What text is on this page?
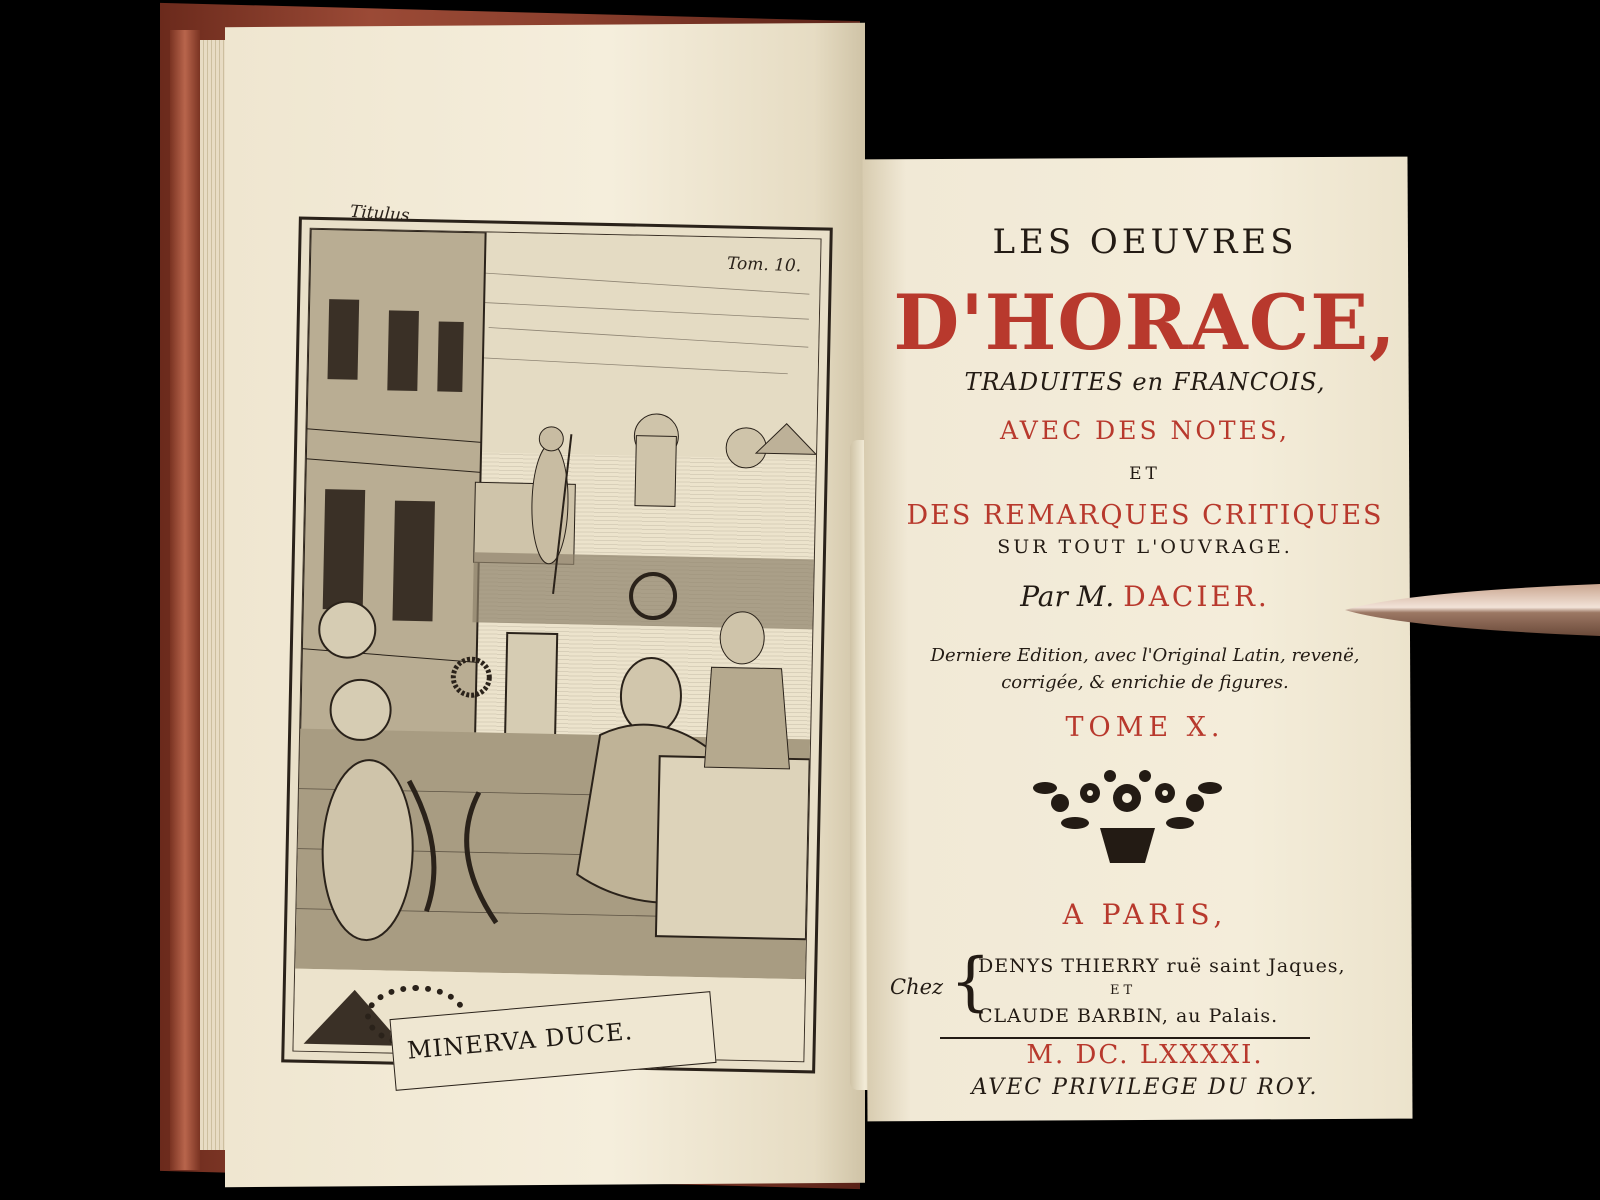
Titulus.
Tom. 10.
MINERVA DUCE.
LES OEUVRES
D'HORACE,
TRADUITES en FRANCOIS,
AVEC DES NOTES,
ET
DES REMARQUES CRITIQUES
SUR TOUT L'OUVRAGE.
Par M. DACIER.
Derniere Edition, avec l'Original Latin, revenë,
corrigée, & enrichie de figures.
TOME X.
A PARIS,
Chez {
DENYS THIERRY ruë saint Jaques,
ET
CLAUDE BARBIN, au Palais.
M. DC. LXXXXI.
AVEC PRIVILEGE DU ROY.
